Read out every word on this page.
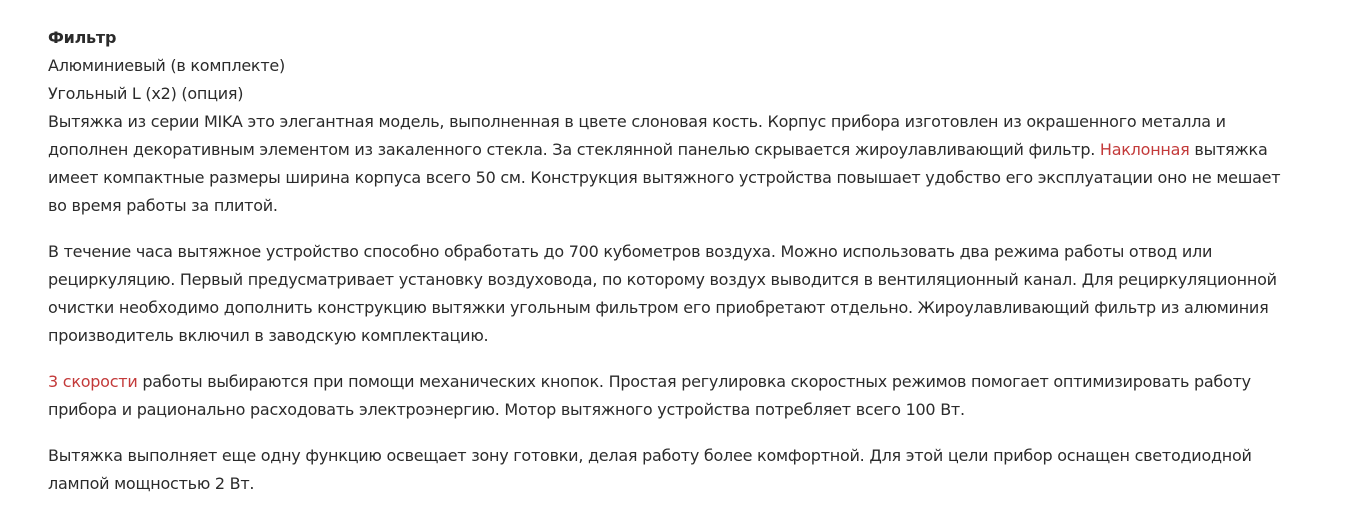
Фильтр
Алюминиевый (в комплекте)
Угольный L (x2) (опция)
Вытяжка из серии MIKA это элегантная модель, выполненная в цвете слоновая кость. Корпус прибора изготовлен из окрашенного металла и
дополнен декоративным элементом из закаленного стекла. За стеклянной панелью скрывается жироулавливающий фильтр. Наклонная вытяжка
имеет компактные размеры ширина корпуса всего 50 см. Конструкция вытяжного устройства повышает удобство его эксплуатации оно не мешает
во время работы за плитой.
В течение часа вытяжное устройство способно обработать до 700 кубометров воздуха. Можно использовать два режима работы отвод или
рециркуляцию. Первый предусматривает установку воздуховода, по которому воздух выводится в вентиляционный канал. Для рециркуляционной
очистки необходимо дополнить конструкцию вытяжки угольным фильтром его приобретают отдельно. Жироулавливающий фильтр из алюминия
производитель включил в заводскую комплектацию.
3 скорости работы выбираются при помощи механических кнопок. Простая регулировка скоростных режимов помогает оптимизировать работу
прибора и рационально расходовать электроэнергию. Мотор вытяжного устройства потребляет всего 100 Вт.
Вытяжка выполняет еще одну функцию освещает зону готовки, делая работу более комфортной. Для этой цели прибор оснащен светодиодной
лампой мощностью 2 Вт.
